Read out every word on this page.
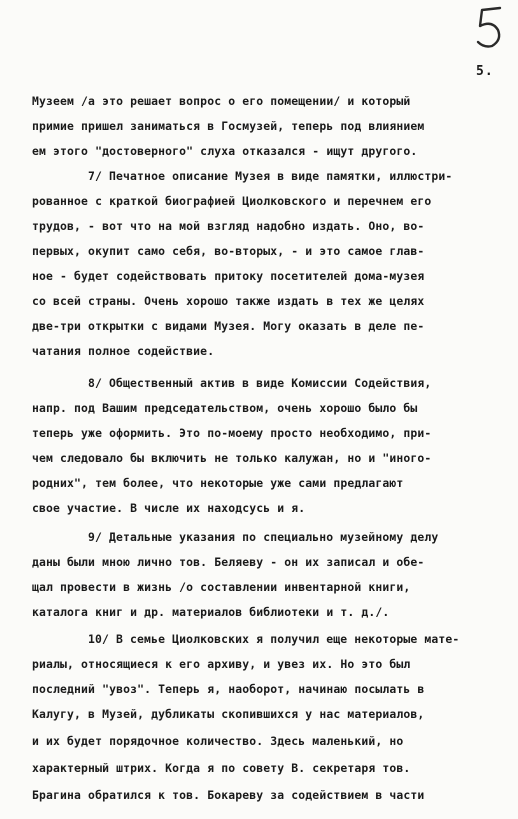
5.
Музеем /а это решает вопрос о его помещении/ и который
примие пришел заниматься в Госмузей, теперь под влиянием
ем этого "достоверного" слуха отказался - ищут другого.
7/ Печатное описание Музея в виде памятки, иллюстри-
рованное с краткой биографией Циолковского и перечнем его
трудов, - вот что на мой взгляд надобно издать. Оно, во-
первых, окупит само себя, во-вторых, - и это самое глав-
ное - будет содействовать притоку посетителей дома-музея
со всей страны. Очень хорошо также издать в тех же целях
две-три открытки с видами Музея. Могу оказать в деле пе-
чатания полное содействие.
8/ Общественный актив в виде Комиссии Содействия,
напр. под Вашим председательством, очень хорошо было бы
теперь уже оформить. Это по-моему просто необходимо, при-
чем следовало бы включить не только калужан, но и "иного-
родних", тем более, что некоторые уже сами предлагают
свое участие. В числе их находсусь и я.
9/ Детальные указания по специально музейному делу
даны были мною лично тов. Беляеву - он их записал и обе-
щал провести в жизнь /о составлении инвентарной книги,
каталога книг и др. материалов библиотеки и т. д./.
10/ В семье Циолковских я получил еще некоторые мате-
риалы, относящиеся к его архиву, и увез их. Но это был
последний "увоз". Теперь я, наоборот, начинаю посылать в
Калугу, в Музей, дубликаты скопившихся у нас материалов,
и их будет порядочное количество. Здесь маленький, но
характерный штрих. Когда я по совету В. секретаря тов.
Брагина обратился к тов. Бокареву за содействием в части
